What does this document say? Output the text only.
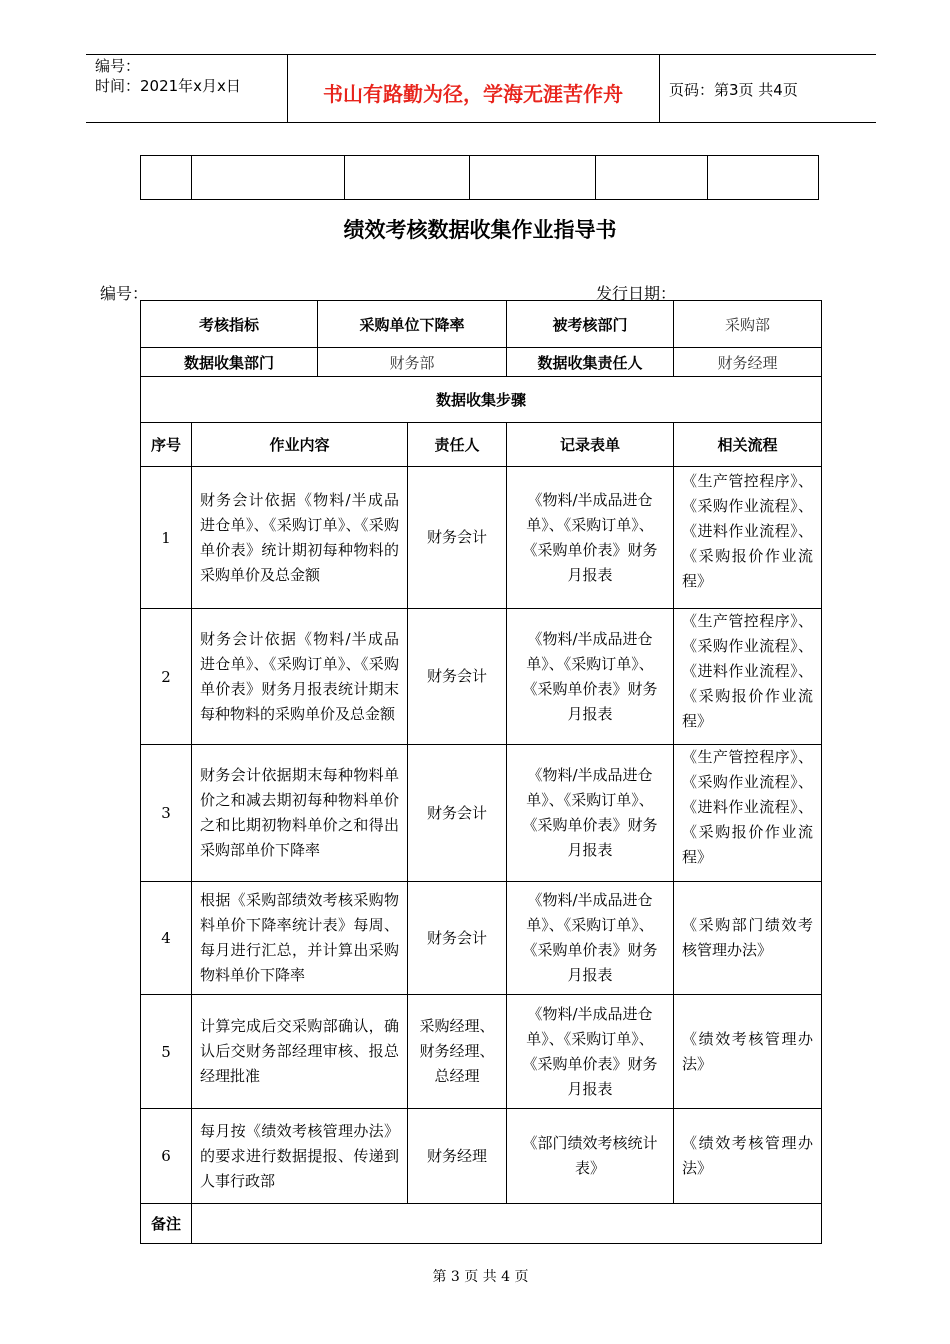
编号：
时间：2021年x月x日	书山有路勤为径，学海无涯苦作舟	页码：第3页 共4页

绩效考核数据收集作业指导书
编号：	发行日期：
考核指标		采购单位下降率		被考核部门	采购部
数据收集部门		财务部		数据收集责任人	财务经理
数据收集步骤					
序号	作业内容		责任人	记录表单	相关流程
1	财务会计依据《物料/半成品进仓单》、《采购订单》、《采购单价表》统计期初每种物料的采购单价及总金额		财务会计	《物料/半成品进仓单》、《采购订单》、《采购单价表》财务月报表	《生产管控程序》、《采购作业流程》、《进料作业流程》、《采购报价作业流程》

2	财务会计依据《物料/半成品进仓单》、《采购订单》、《采购单价表》财务月报表统计期末每种物料的采购单价及总金额		财务会计	《物料/半成品进仓单》、《采购订单》、《采购单价表》财务月报表	《生产管控程序》、《采购作业流程》、《进料作业流程》、《采购报价作业流程》

3	财务会计依据期末每种物料单价之和减去期初每种物料单价之和比期初物料单价之和得出采购部单价下降率		财务会计	《物料/半成品进仓单》、《采购订单》、《采购单价表》财务月报表	《生产管控程序》、《采购作业流程》、《进料作业流程》、《采购报价作业流程》

4	根据《采购部绩效考核采购物料单价下降率统计表》每周、每月进行汇总，并计算出采购物料单价下降率		财务会计	《物料/半成品进仓单》、《采购订单》、《采购单价表》财务月报表	《采购部门绩效考核管理办法》

5	计算完成后交采购部确认，确认后交财务部经理审核、报总经理批准		采购经理、财务经理、总经理	《物料/半成品进仓单》、《采购订单》、《采购单价表》财务月报表	《绩效考核管理办法》

6	每月按《绩效考核管理办法》的要求进行数据提报、传递到人事行政部		财务经理	《部门绩效考核统计表》	《绩效考核管理办法》

备注					
第 3 页 共 4 页
